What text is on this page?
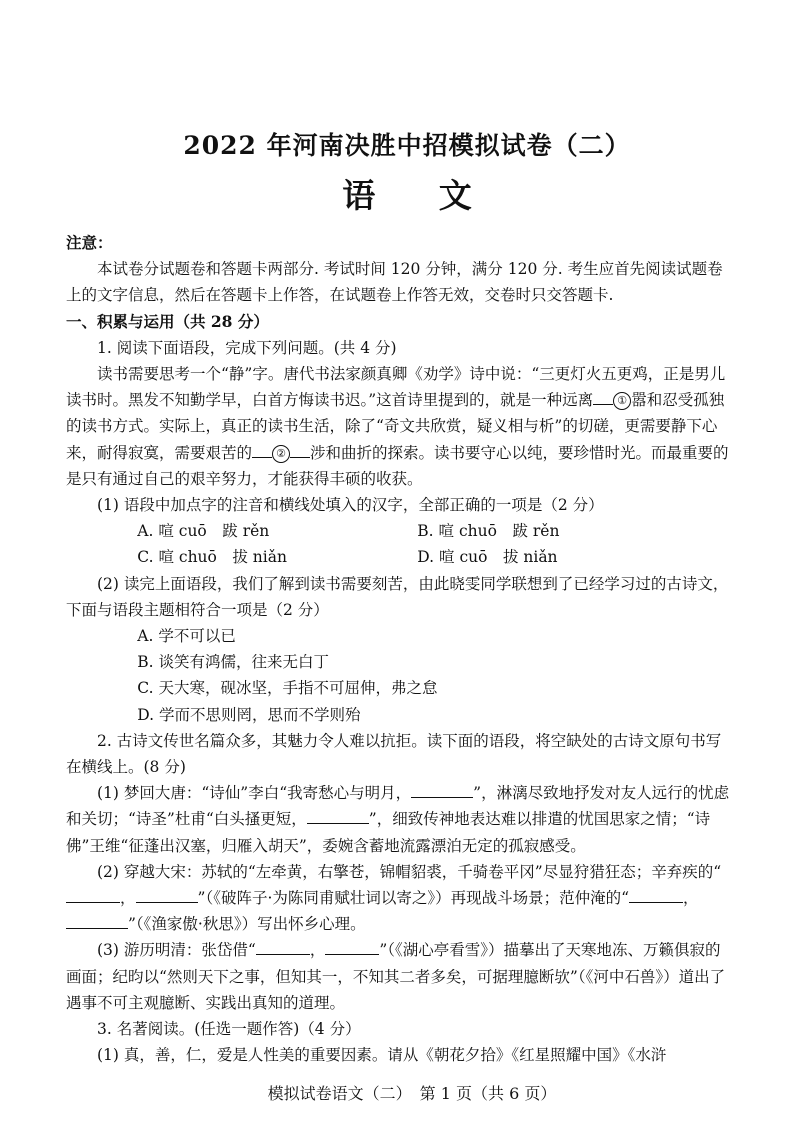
2022 年河南决胜中招模拟试卷（二）
语 文

注意：

本试卷分试题卷和答题卡两部分. 考试时间 120 分钟，满分 120 分. 考生应首先阅读试题卷上的文字信息，然后在答题卡上作答，在试题卷上作答无效，交卷时只交答题卡.

一、积累与运用（共 28 分）

1. 阅读下面语段，完成下列问题。(共 4 分)

读书需要思考一个“静”字。唐代书法家颜真卿《劝学》诗中说：“三更灯火五更鸡，正是男儿读书时。黑发不知勤学早，白首方悔读书迟。”这首诗里提到的，就是一种远离 ① 嚣和忍受孤独的读书方式。实际上，真正的读书生活，除了“奇文共欣赏，疑义相与析”的切磋，更需要静下心来，耐得寂寞，需要艰苦的 ② 涉和曲折的探索。读书要守心以纯，要珍惜时光。而最重要的是只有通过自己的艰辛努力，才能获得丰硕的收获。

(1) 语段中加点字的注音和横线处填入的汉字，全部正确的一项是（2 分）

A. 喧 cuō　跋 rěn	B. 喧 chuō　跋 rěn
C. 喧 chuō　拔 niǎn	D. 喧 cuō　拔 niǎn

(2) 读完上面语段，我们了解到读书需要刻苦，由此晓雯同学联想到了已经学习过的古诗文，下面与语段主题相符合一项是（2 分）

A. 学不可以已

B. 谈笑有鸿儒，往来无白丁

C. 天大寒，砚冰坚，手指不可屈伸，弗之怠

D. 学而不思则罔，思而不学则殆

2. 古诗文传世名篇众多，其魅力令人难以抗拒。读下面的语段，将空缺处的古诗文原句书写在横线上。(8 分)

(1) 梦回大唐：“诗仙”李白“我寄愁心与明月，	”，淋漓尽致地抒发对友人远行的忧虑和关切；“诗圣”杜甫“白头搔更短，	”，细致传神地表达难以排遣的忧国思家之情；“诗佛”王维“征蓬出汉塞，归雁入胡天”，委婉含蓄地流露漂泊无定的孤寂感受。

(2) 穿越大宋：苏轼的“左牵黄，右擎苍，锦帽貂裘，千骑卷平冈”尽显狩猎狂态；辛弃疾的“，	”（《破阵子·为陈同甫赋壮词以寄之》）再现战斗场景；范仲淹的“	，”（《渔家傲·秋思》）写出怀乡心理。

(3) 游历明清：张岱借“	，	”（《湖心亭看雪》）描摹出了天寒地冻、万籁俱寂的画面；纪昀以“然则天下之事，但知其一，不知其二者多矣，可据理臆断欤”（《河中石兽》）道出了遇事不可主观臆断、实践出真知的道理。

3. 名著阅读。(任选一题作答)（4 分）

(1) 真，善，仁，爱是人性美的重要因素。请从《朝花夕拾》《红星照耀中国》《水浒

模拟试卷语文（二）　第 1 页（共 6 页）
